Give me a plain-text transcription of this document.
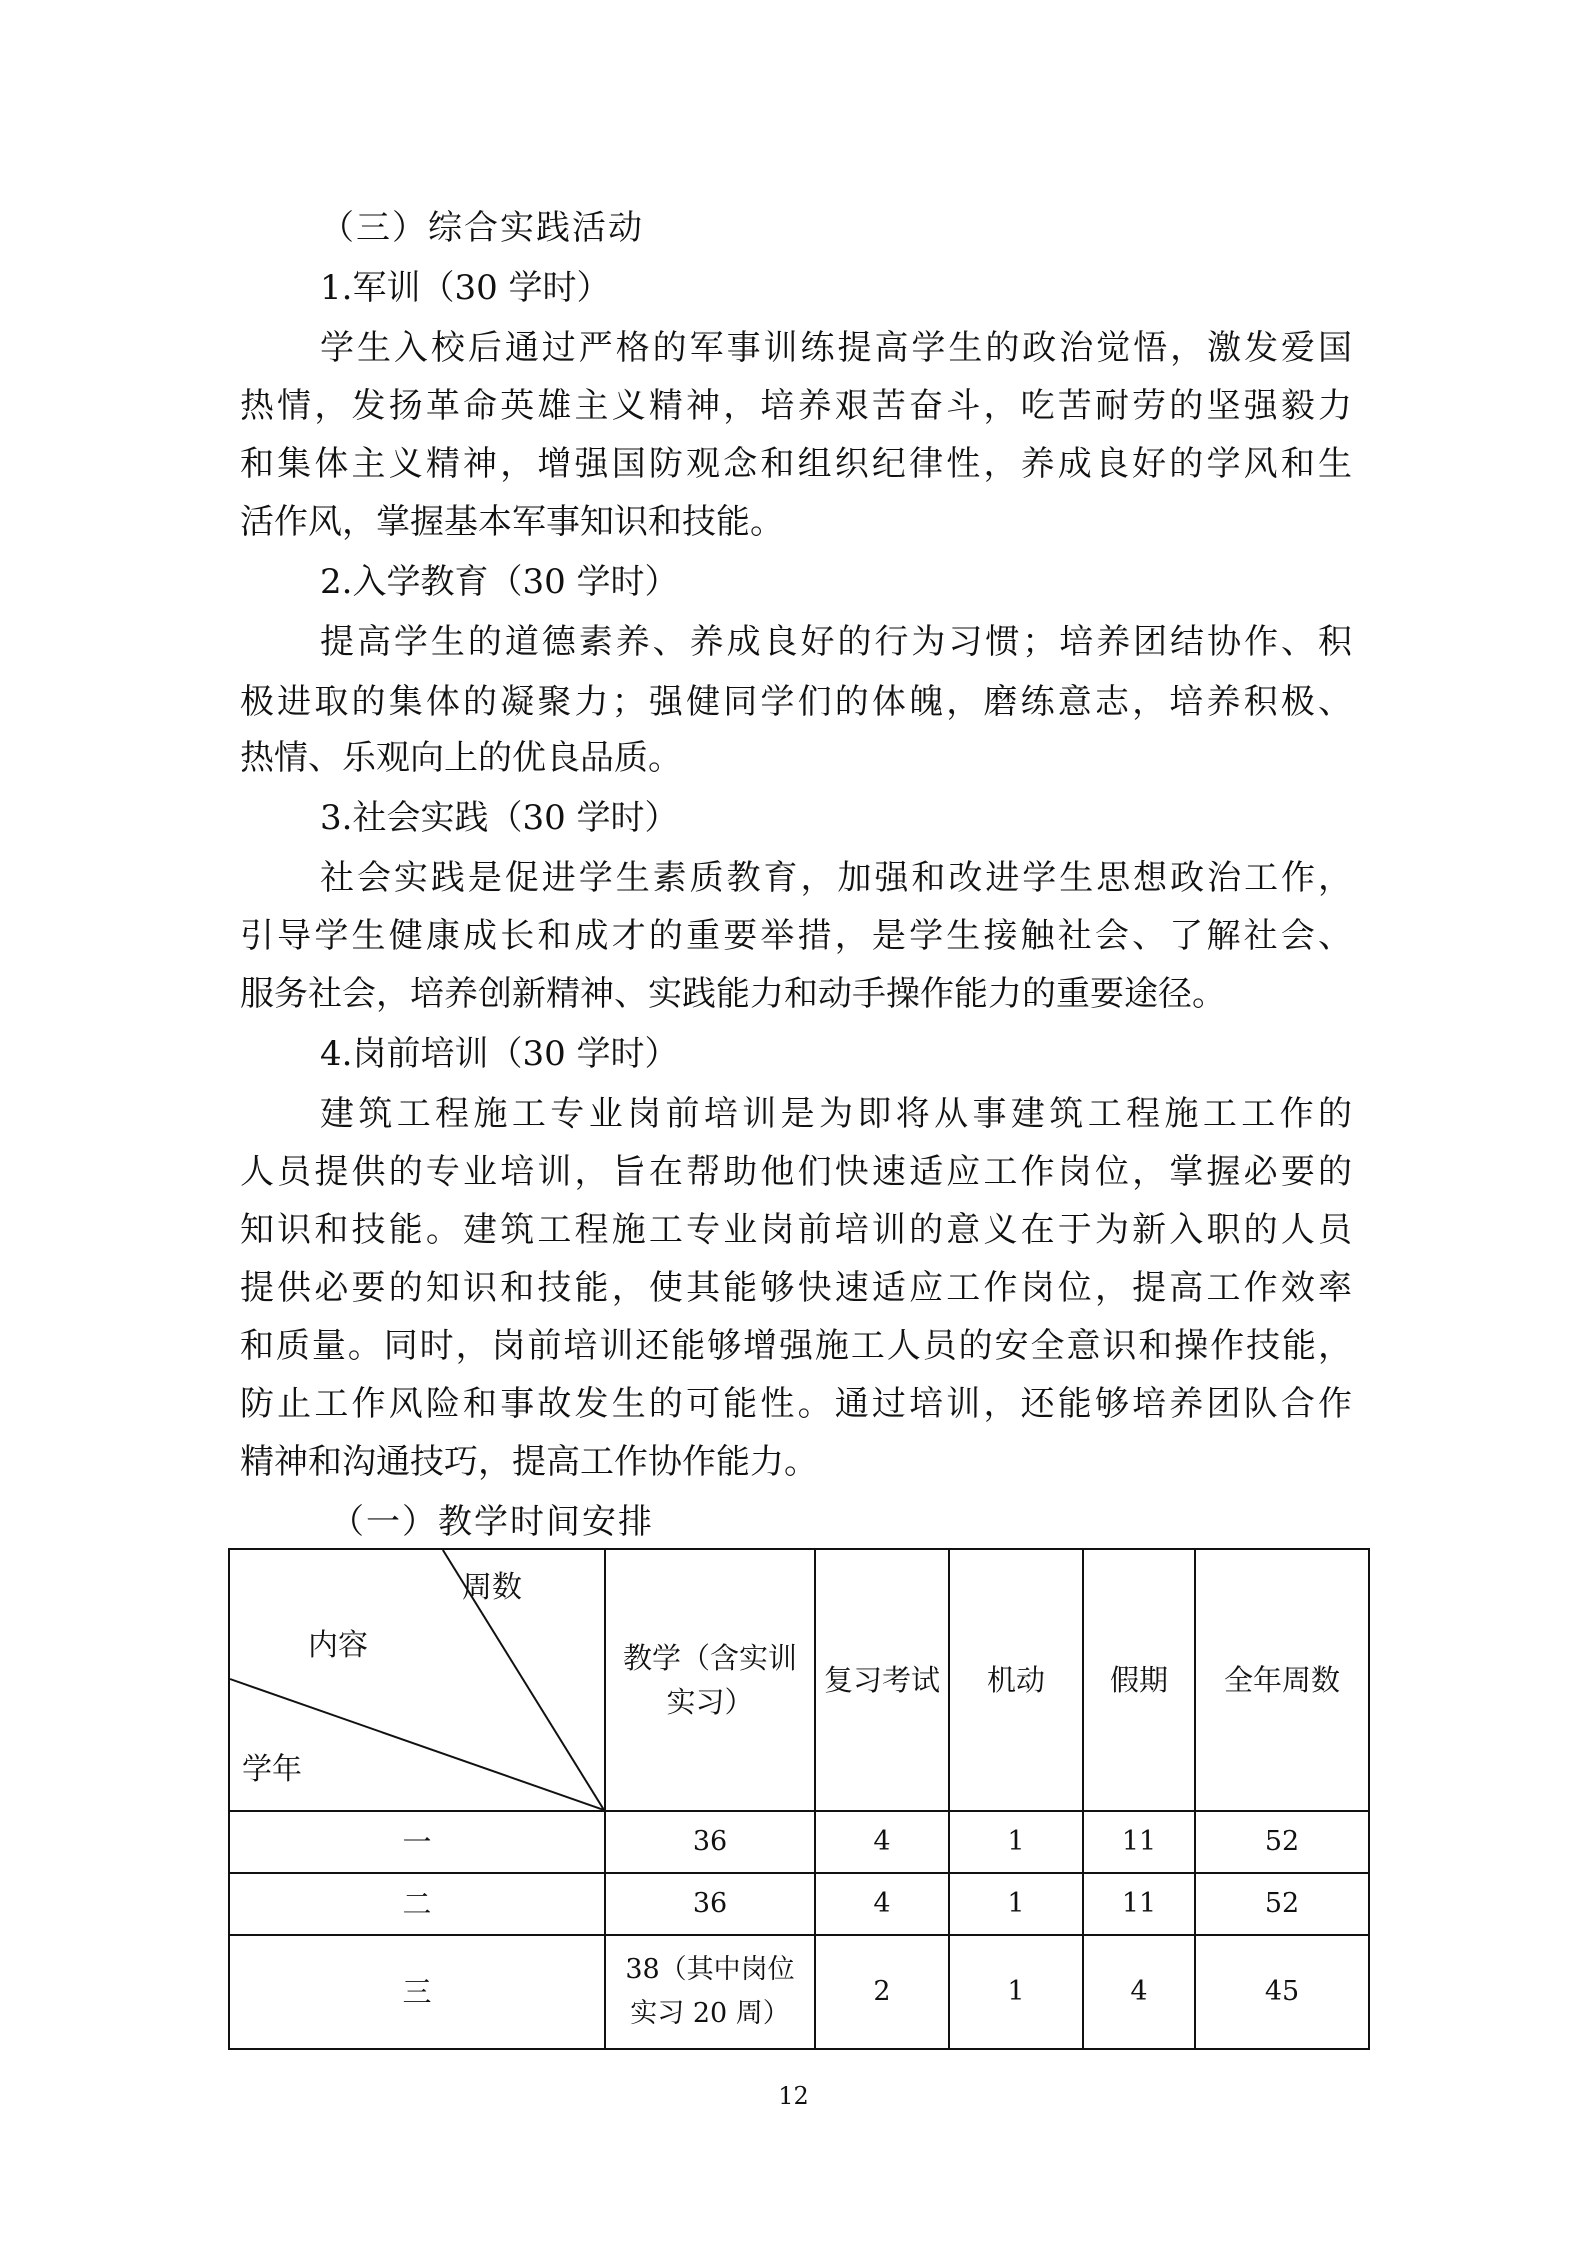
（三）综合实践活动
1.军训（30 学时）
学生入校后通过严格的军事训练提高学生的政治觉悟，激发爱国
热情，发扬革命英雄主义精神，培养艰苦奋斗，吃苦耐劳的坚强毅力
和集体主义精神，增强国防观念和组织纪律性，养成良好的学风和生
活作风，掌握基本军事知识和技能。
2.入学教育（30 学时）
提高学生的道德素养、养成良好的行为习惯；培养团结协作、积
极进取的集体的凝聚力；强健同学们的体魄，磨练意志，培养积极、
热情、乐观向上的优良品质。
3.社会实践（30 学时）
社会实践是促进学生素质教育，加强和改进学生思想政治工作，
引导学生健康成长和成才的重要举措，是学生接触社会、了解社会、
服务社会，培养创新精神、实践能力和动手操作能力的重要途径。
4.岗前培训（30 学时）
建筑工程施工专业岗前培训是为即将从事建筑工程施工工作的
人员提供的专业培训，旨在帮助他们快速适应工作岗位，掌握必要的
知识和技能。建筑工程施工专业岗前培训的意义在于为新入职的人员
提供必要的知识和技能，使其能够快速适应工作岗位，提高工作效率
和质量。同时，岗前培训还能够增强施工人员的安全意识和操作技能，
防止工作风险和事故发生的可能性。通过培训，还能够培养团队合作
精神和沟通技巧，提高工作协作能力。
（一）教学时间安排
周数
内容
学年	教学（含实训实习）	复习考试	机动	假期	全年周数
一	36	4	1	11	52
二	36	4	1	11	52
三	38（其中岗位实习 20 周）	2	1	4	45
12
